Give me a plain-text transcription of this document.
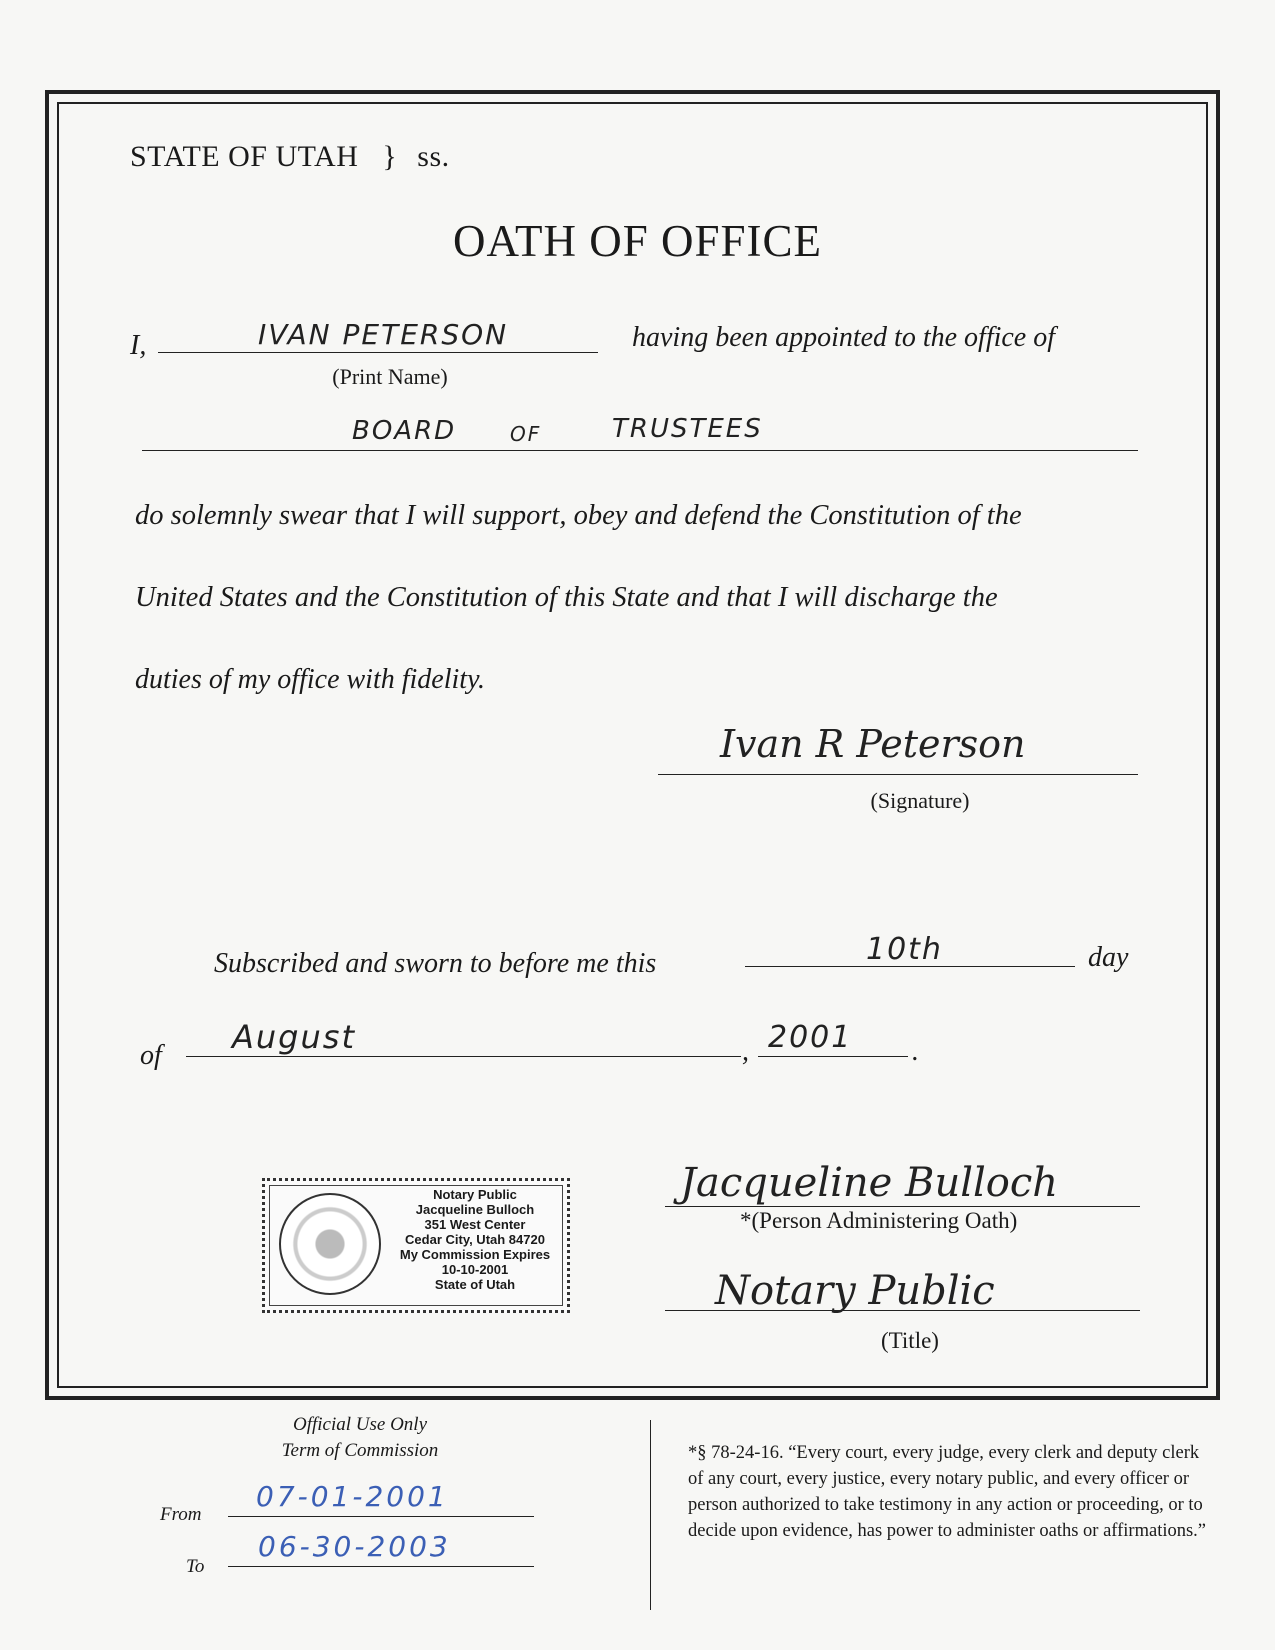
STATE OF UTAH } ss.
OATH OF OFFICE
I,	IVAN PETERSON	having been appointed to the office of
(Print Name)
BOARD	OF	TRUSTEES
do solemnly swear that I will support, obey and defend the Constitution of the
United States and the Constitution of this State and that I will discharge the
duties of my office with fidelity.
Ivan R Peterson
(Signature)
Subscribed and sworn to before me this	10th	day
of August	, 2001 .
Notary Public
Jacqueline Bulloch
351 West Center
Cedar City, Utah 84720
My Commission Expires
10-10-2001
State of Utah
Jacqueline Bulloch
*(Person Administering Oath)
Notary Public
(Title)
Official Use Only
Term of Commission
From
07-01-2001
To
06-30-2003
*§ 78-24-16. “Every court, every judge, every clerk and deputy clerk of any court, every justice, every notary public, and every officer or person authorized to take testimony in any action or proceeding, or to decide upon evidence, has power to administer oaths or affirmations.”
